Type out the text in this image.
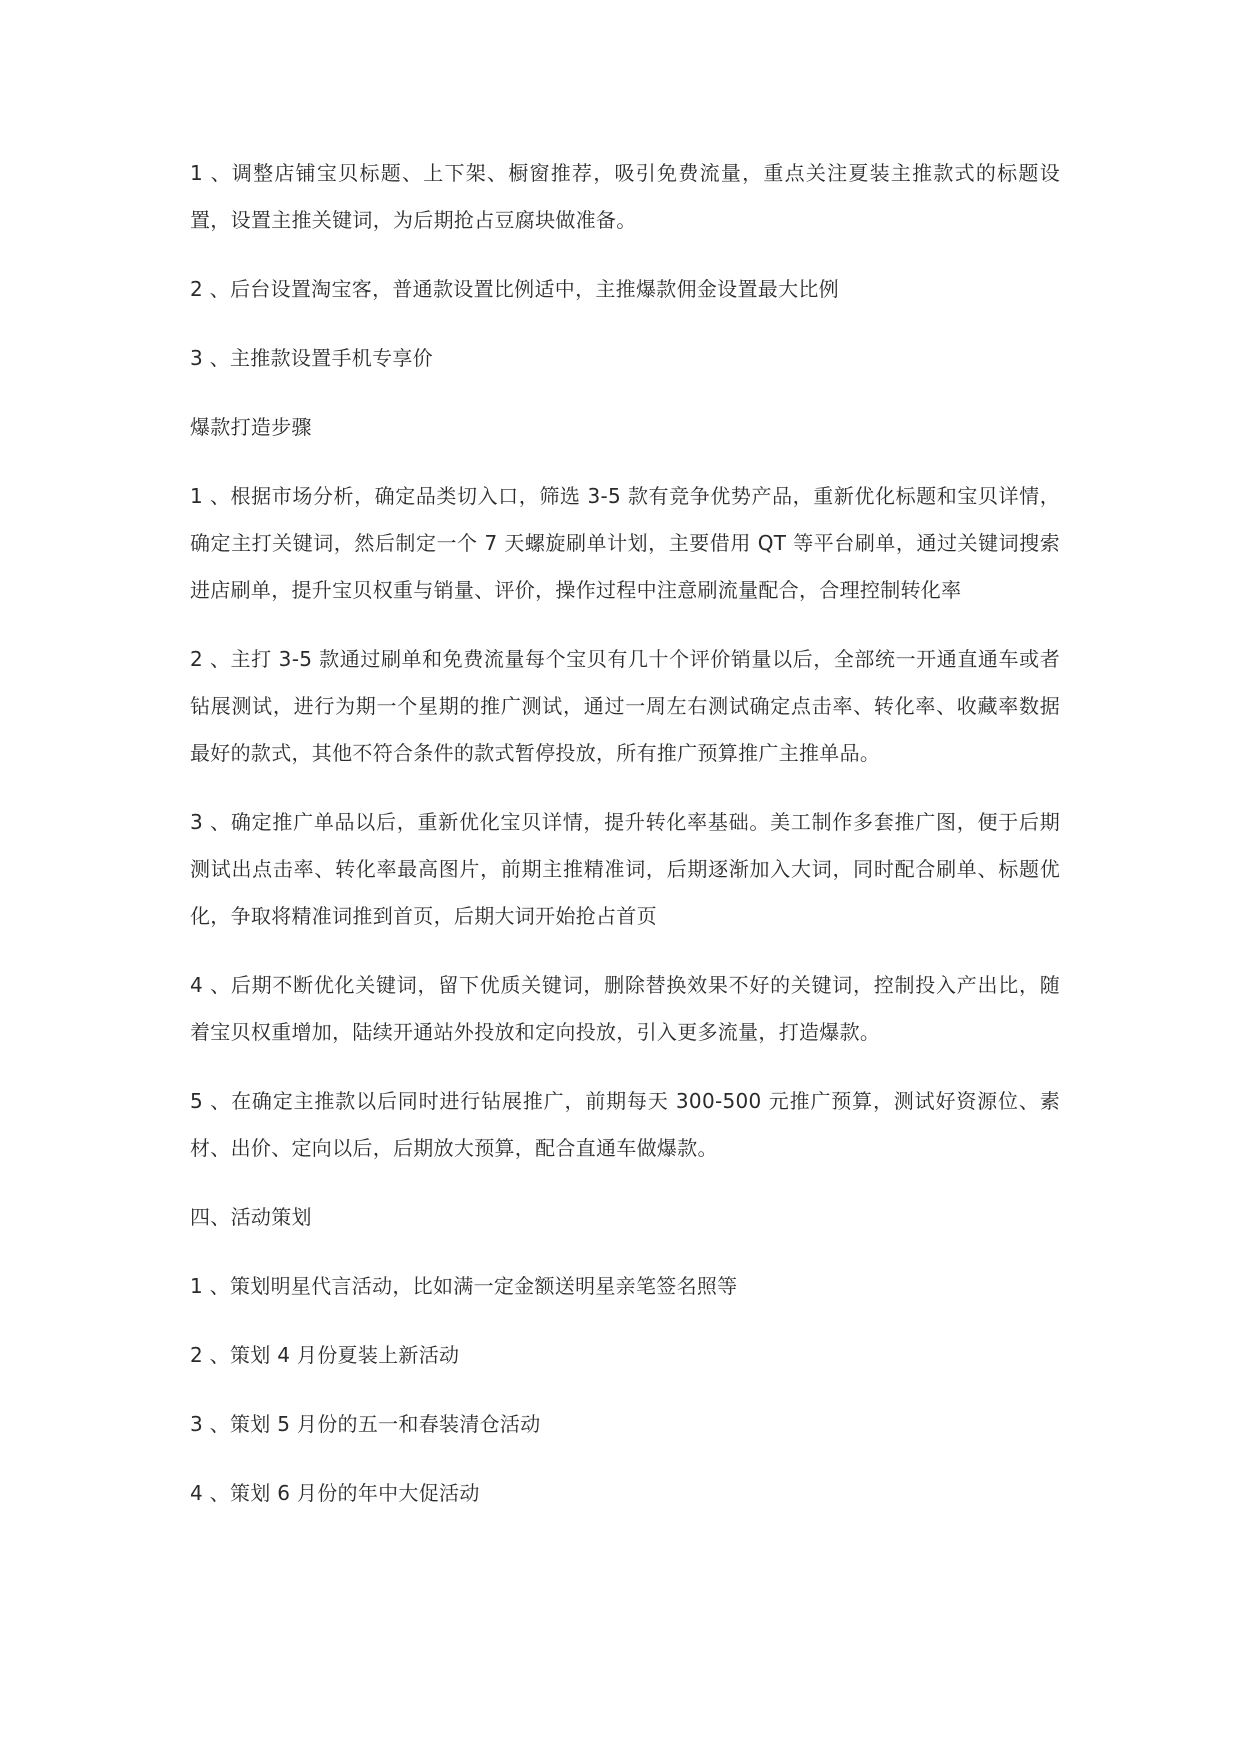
1 、调整店铺宝贝标题、上下架、橱窗推荐，吸引免费流量，重点关注夏装主推款式的标题设置，设置主推关键词，为后期抢占豆腐块做准备。

2 、后台设置淘宝客，普通款设置比例适中，主推爆款佣金设置最大比例

3 、主推款设置手机专享价

爆款打造步骤

1 、根据市场分析，确定品类切入口，筛选 3-5 款有竞争优势产品，重新优化标题和宝贝详情，确定主打关键词，然后制定一个 7 天螺旋刷单计划，主要借用 QT 等平台刷单，通过关键词搜索进店刷单，提升宝贝权重与销量、评价，操作过程中注意刷流量配合，合理控制转化率

2 、主打 3-5 款通过刷单和免费流量每个宝贝有几十个评价销量以后，全部统一开通直通车或者钻展测试，进行为期一个星期的推广测试，通过一周左右测试确定点击率、转化率、收藏率数据最好的款式，其他不符合条件的款式暂停投放，所有推广预算推广主推单品。

3 、确定推广单品以后，重新优化宝贝详情，提升转化率基础。美工制作多套推广图，便于后期测试出点击率、转化率最高图片，前期主推精准词，后期逐渐加入大词，同时配合刷单、标题优化，争取将精准词推到首页，后期大词开始抢占首页

4 、后期不断优化关键词，留下优质关键词，删除替换效果不好的关键词，控制投入产出比，随着宝贝权重增加，陆续开通站外投放和定向投放，引入更多流量，打造爆款。

5 、在确定主推款以后同时进行钻展推广，前期每天 300-500 元推广预算，测试好资源位、素材、出价、定向以后，后期放大预算，配合直通车做爆款。

四、活动策划

1 、策划明星代言活动，比如满一定金额送明星亲笔签名照等

2 、策划 4 月份夏装上新活动

3 、策划 5 月份的五一和春装清仓活动

4 、策划 6 月份的年中大促活动
